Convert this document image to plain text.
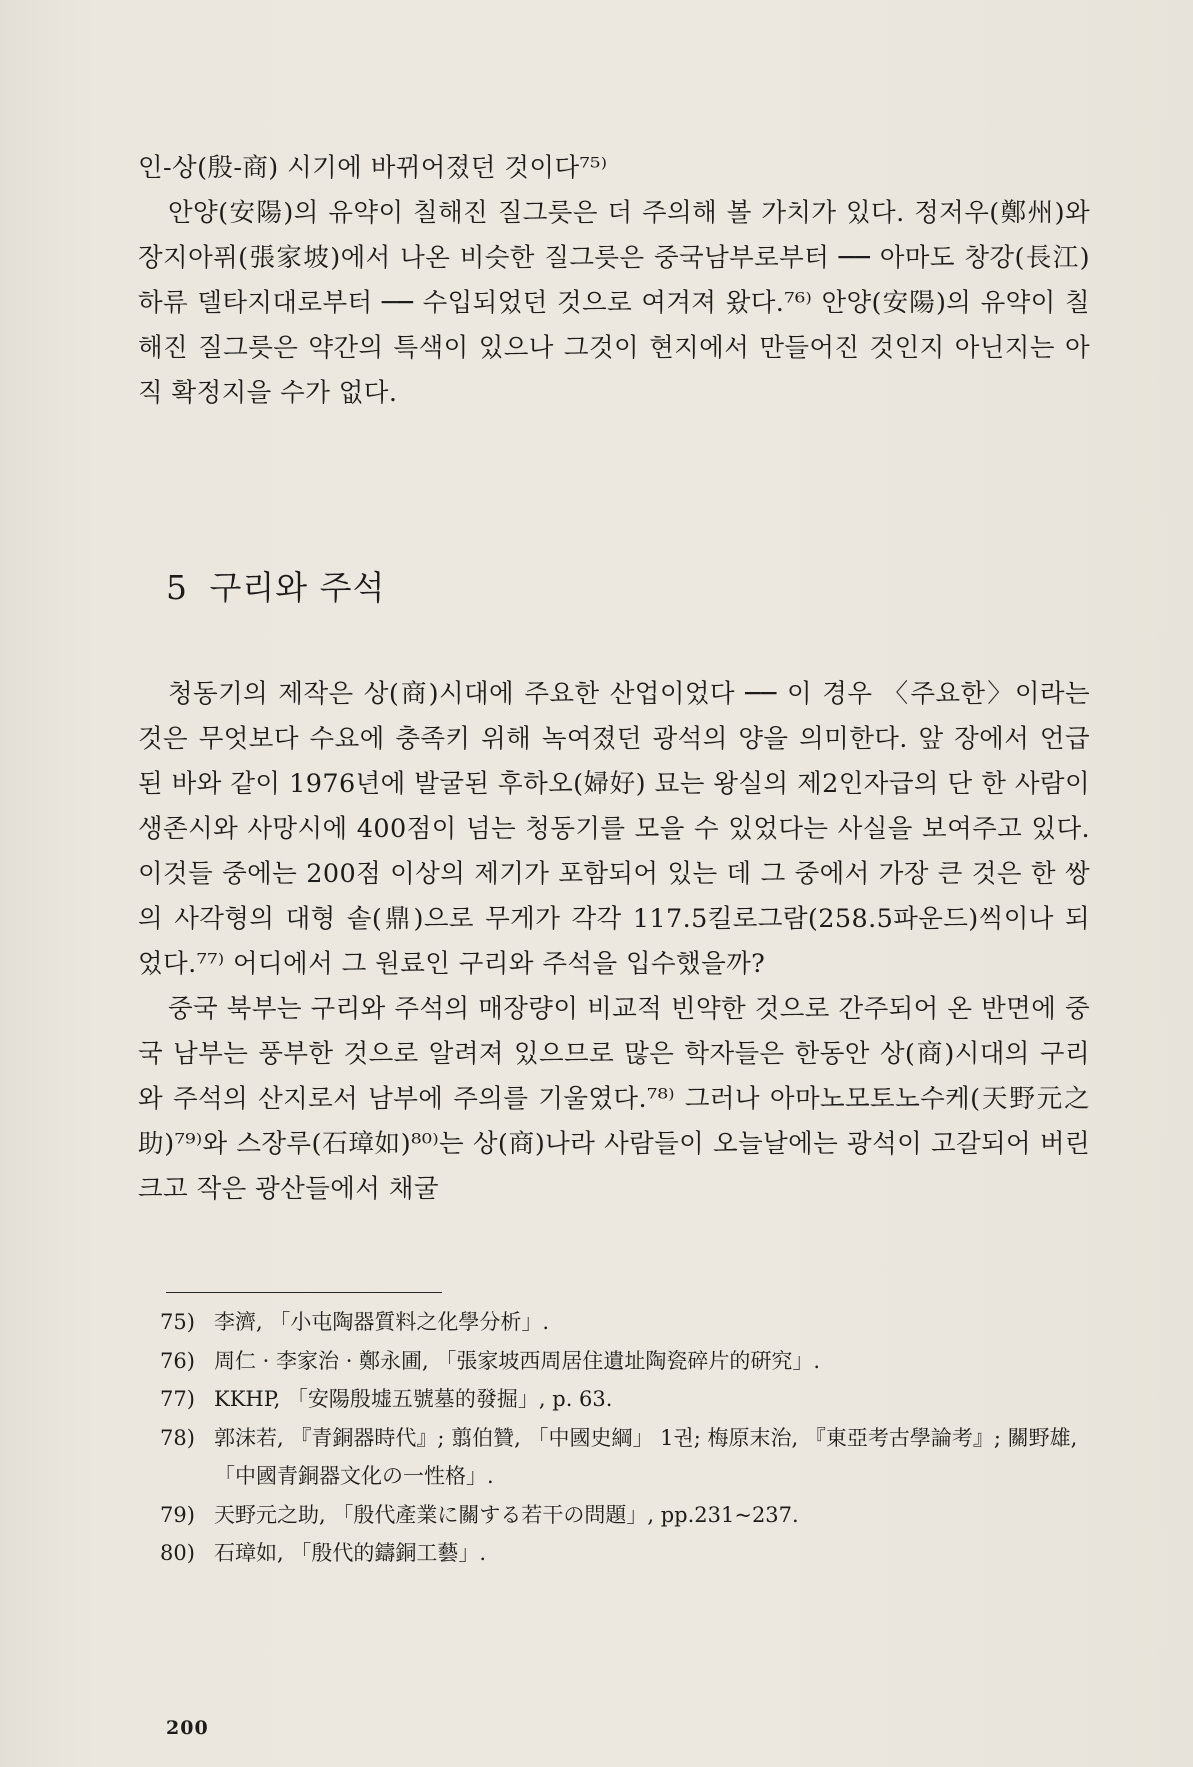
인-상(殷-商) 시기에 바뀌어졌던 것이다⁷⁵⁾

안양(安陽)의 유약이 칠해진 질그릇은 더 주의해 볼 가치가 있다. 정저우(鄭州)와 장지아퓌(張家坡)에서 나온 비슷한 질그릇은 중국남부로부터 ── 아마도 창강(長江) 하류 델타지대로부터 ── 수입되었던 것으로 여겨져 왔다.⁷⁶⁾ 안양(安陽)의 유약이 칠해진 질그릇은 약간의 특색이 있으나 그것이 현지에서 만들어진 것인지 아닌지는 아직 확정지을 수가 없다.

5 구리와 주석

청동기의 제작은 상(商)시대에 주요한 산업이었다 ── 이 경우 〈주요한〉이라는 것은 무엇보다 수요에 충족키 위해 녹여졌던 광석의 양을 의미한다. 앞 장에서 언급된 바와 같이 1976년에 발굴된 후하오(婦好) 묘는 왕실의 제2인자급의 단 한 사람이 생존시와 사망시에 400점이 넘는 청동기를 모을 수 있었다는 사실을 보여주고 있다. 이것들 중에는 200점 이상의 제기가 포함되어 있는 데 그 중에서 가장 큰 것은 한 쌍의 사각형의 대형 솥(鼎)으로 무게가 각각 117.5킬로그람(258.5파운드)씩이나 되었다.⁷⁷⁾ 어디에서 그 원료인 구리와 주석을 입수했을까?

중국 북부는 구리와 주석의 매장량이 비교적 빈약한 것으로 간주되어 온 반면에 중국 남부는 풍부한 것으로 알려져 있으므로 많은 학자들은 한동안 상(商)시대의 구리와 주석의 산지로서 남부에 주의를 기울였다.⁷⁸⁾ 그러나 아마노모토노수케(天野元之助)⁷⁹⁾와 스장루(石璋如)⁸⁰⁾는 상(商)나라 사람들이 오늘날에는 광석이 고갈되어 버린 크고 작은 광산들에서 채굴

75) 李濟, 「小屯陶器質料之化學分析」.
76) 周仁 · 李家治 · 鄭永圃, 「張家坡西周居住遺址陶瓷碎片的硏究」.
77) KKHP, 「安陽殷墟五號墓的發掘」, p. 63.
78) 郭沫若, 『青銅器時代』; 翦伯贊, 「中國史綱」 1권; 梅原末治, 『東亞考古學論考』; 關野雄, 「中國青銅器文化の一性格」.
79) 天野元之助, 「殷代產業に關する若干の問題」, pp.231~237.
80) 石璋如, 「殷代的鑄銅工藝」.
200
